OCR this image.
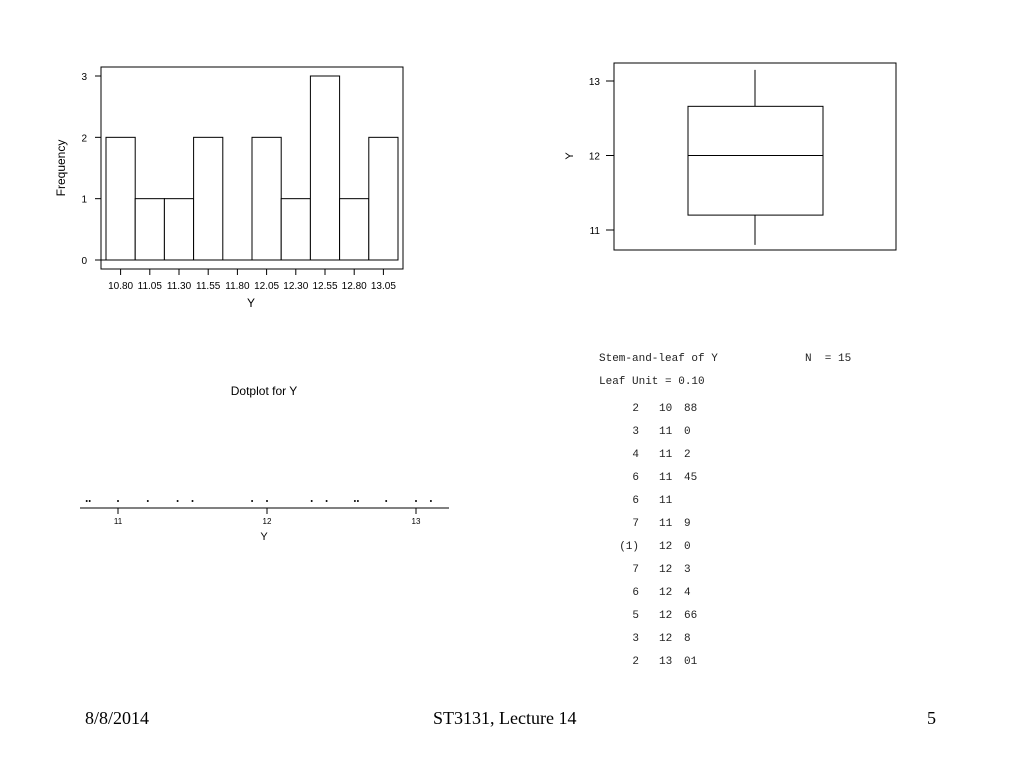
0
1
2
3
10.80 11.05 11.30 11.55 11.80 12.05 12.30 12.55 12.80 13.05
Y
Frequency
11
12
13
Y
Dotplot for Y
11	12	13
Y
Stem-and-leaf of Y	N  = 15
Leaf Unit = 0.10
2 10 88
3 11 0
4 11 2
6 11 45
6 11
7 11 9
(1) 12 0
7 12 3
6 12 4
5 12 66
3 12 8
2 13 01
8/8/2014	ST3131, Lecture 14	5
